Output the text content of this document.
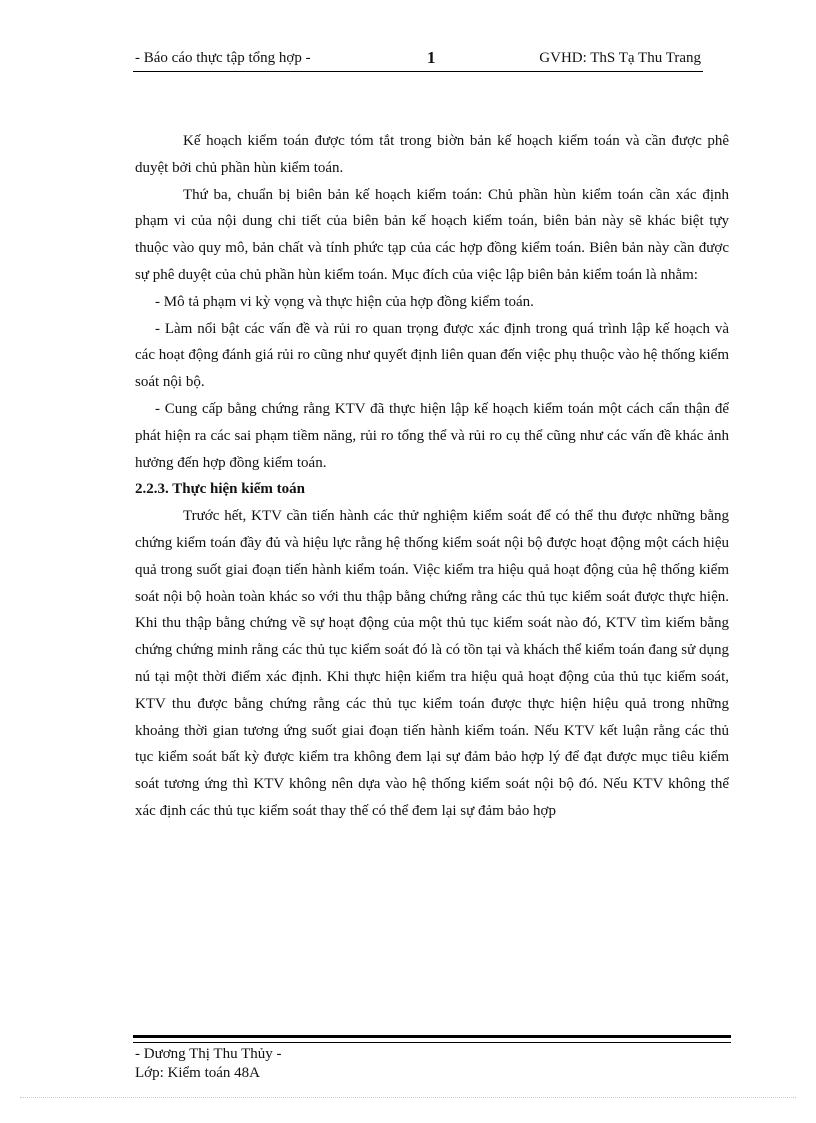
- Báo cáo thực tập tổng hợp -	1	GVHD: ThS Tạ Thu Trang

Kế hoạch kiểm toán được tóm tắt trong biờn bản kế hoạch kiểm toán và cần được phê duyệt bởi chủ phần hùn kiểm toán.

Thứ ba, chuẩn bị biên bản kế hoạch kiểm toán: Chủ phần hùn kiểm toán cần xác định phạm vi của nội dung chi tiết của biên bản kế hoạch kiểm toán, biên bản này sẽ khác biệt tựy thuộc vào quy mô, bản chất và tính phức tạp của các hợp đồng kiểm toán. Biên bản này cần được sự phê duyệt của chủ phần hùn kiểm toán. Mục đích của việc lập biên bản kiểm toán là nhằm:

- Mô tả phạm vi kỳ vọng và thực hiện của hợp đồng kiểm toán.

- Làm nổi bật các vấn đề và rủi ro quan trọng được xác định trong quá trình lập kế hoạch và các hoạt động đánh giá rủi ro cũng như quyết định liên quan đến việc phụ thuộc vào hệ thống kiểm soát nội bộ.

- Cung cấp bằng chứng rằng KTV đã thực hiện lập kế hoạch kiểm toán một cách cẩn thận để phát hiện ra các sai phạm tiềm năng, rủi ro tổng thể và rủi ro cụ thể cũng như các vấn đề khác ảnh hưởng đến hợp đồng kiểm toán.

2.2.3. Thực hiện kiểm toán

Trước hết, KTV cần tiến hành các thử nghiệm kiểm soát để có thể thu được những bằng chứng kiểm toán đầy đủ và hiệu lực rằng hệ thống kiểm soát nội bộ được hoạt động một cách hiệu quả trong suốt giai đoạn tiến hành kiểm toán. Việc kiểm tra hiệu quả hoạt động của hệ thống kiểm soát nội bộ hoàn toàn khác so với thu thập bằng chứng rằng các thủ tục kiểm soát được thực hiện. Khi thu thập bằng chứng về sự hoạt động của một thủ tục kiểm soát nào đó, KTV tìm kiếm bằng chứng chứng minh rằng các thủ tục kiểm soát đó là có tồn tại và khách thể kiểm toán đang sử dụng nú tại một thời điểm xác định. Khi thực hiện kiểm tra hiệu quả hoạt động của thủ tục kiểm soát, KTV thu được bằng chứng rằng các thủ tục kiểm toán được thực hiện hiệu quả trong những khoảng thời gian tương ứng suốt giai đoạn tiến hành kiểm toán. Nếu KTV kết luận rằng các thủ tục kiểm soát bất kỳ được kiểm tra không đem lại sự đảm bảo hợp lý để đạt được mục tiêu kiểm soát tương ứng thì KTV không nên dựa vào hệ thống kiểm soát nội bộ đó. Nếu KTV không thể xác định các thủ tục kiểm soát thay thế có thể đem lại sự đảm bảo hợp

- Dương Thị Thu Thủy -
Lớp: Kiểm toán 48A
